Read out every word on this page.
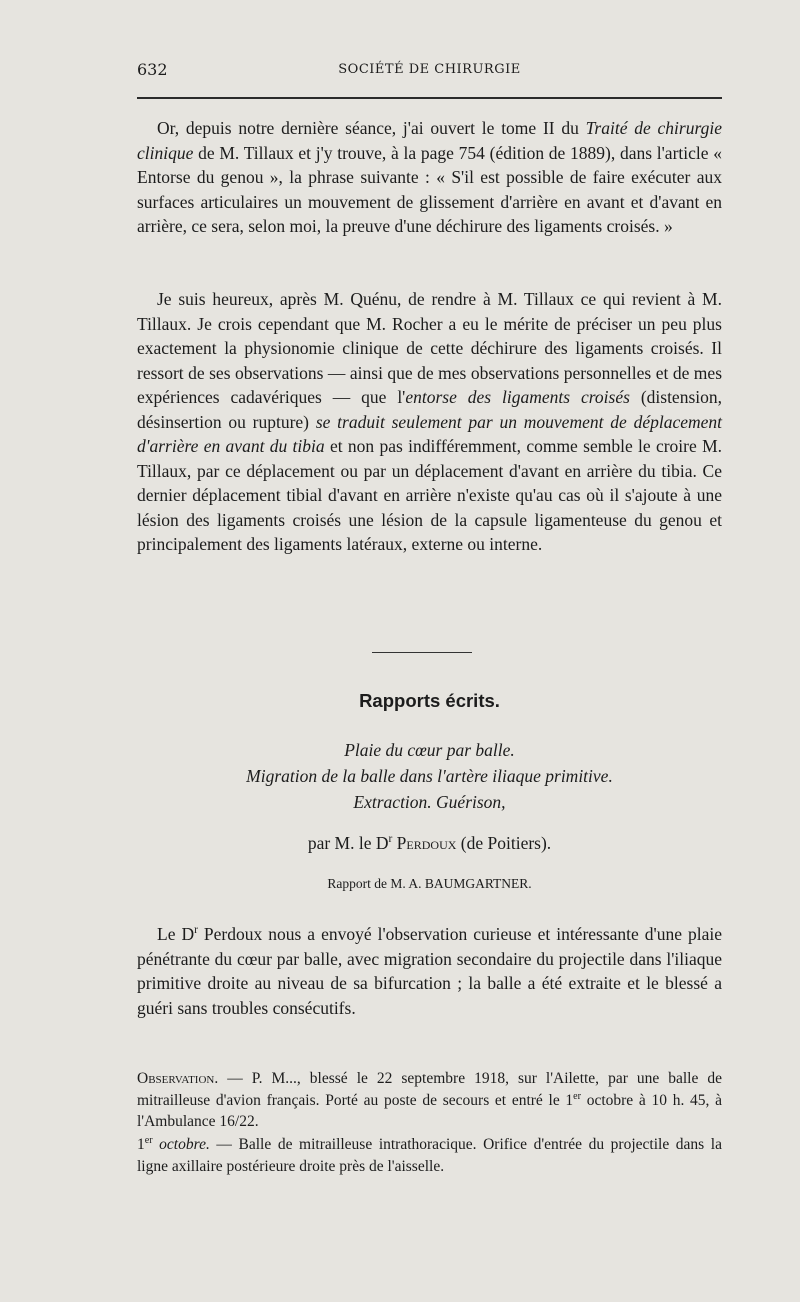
632	SOCIÉTÉ DE CHIRURGIE

Or, depuis notre dernière séance, j'ai ouvert le tome II du Traité de chirurgie clinique de M. Tillaux et j'y trouve, à la page 754 (édition de 1889), dans l'article « Entorse du genou », la phrase suivante : « S'il est possible de faire exécuter aux surfaces articulaires un mouvement de glissement d'arrière en avant et d'avant en arrière, ce sera, selon moi, la preuve d'une déchirure des ligaments croisés. »

Je suis heureux, après M. Quénu, de rendre à M. Tillaux ce qui revient à M. Tillaux. Je crois cependant que M. Rocher a eu le mérite de préciser un peu plus exactement la physionomie clinique de cette déchirure des ligaments croisés. Il ressort de ses observations — ainsi que de mes observations personnelles et de mes expériences cadavériques — que l'entorse des ligaments croisés (distension, désinsertion ou rupture) se traduit seulement par un mouvement de déplacement d'arrière en avant du tibia et non pas indifféremment, comme semble le croire M. Tillaux, par ce déplacement ou par un déplacement d'avant en arrière du tibia. Ce dernier déplacement tibial d'avant en arrière n'existe qu'au cas où il s'ajoute à une lésion des ligaments croisés une lésion de la capsule ligamenteuse du genou et principalement des ligaments latéraux, externe ou interne.

Rapports écrits.
Plaie du cœur par balle.
Migration de la balle dans l'artère iliaque primitive.
Extraction. Guérison,
par M. le $D^r$ Perdoux (de Poitiers).
Rapport de M. A. BAUMGARTNER.

Le $D^r$ Perdoux nous a envoyé l'observation curieuse et intéressante d'une plaie pénétrante du cœur par balle, avec migration secondaire du projectile dans l'iliaque primitive droite au niveau de sa bifurcation ; la balle a été extraite et le blessé a guéri sans troubles consécutifs.

Observation. — P. M..., blessé le 22 septembre 1918, sur l'Ailette, par une balle de mitrailleuse d'avion français. Porté au poste de secours et entré le 1er octobre à 10 h. 45, à l'Ambulance 16/22.

1er octobre. — Balle de mitrailleuse intrathoracique. Orifice d'entrée du projectile dans la ligne axillaire postérieure droite près de l'aisselle.
